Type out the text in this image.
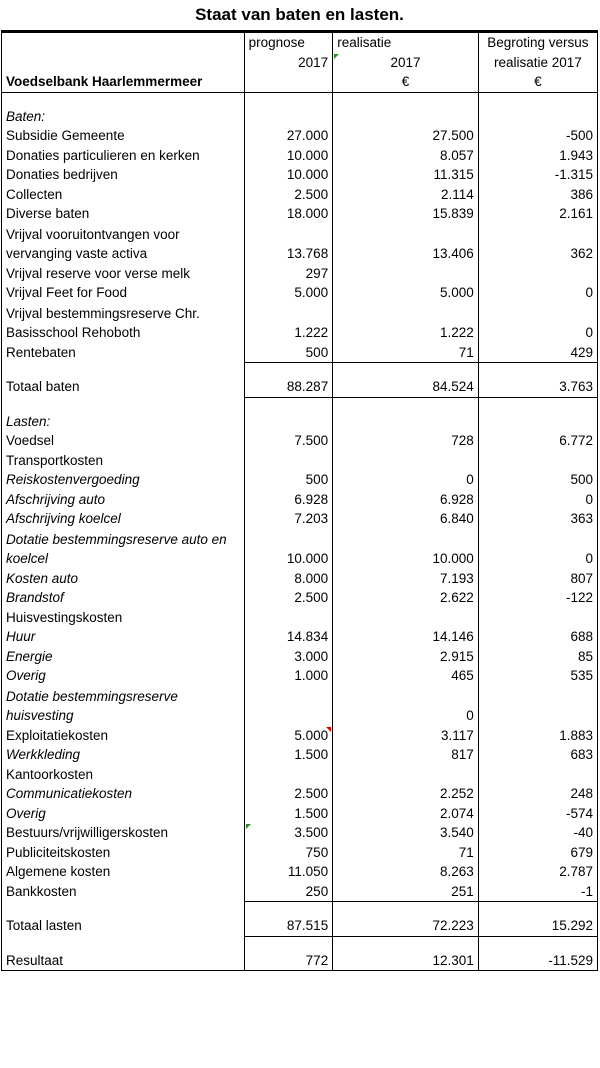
Staat van baten en lasten.
	prognose	realisatie	Begroting versus
	2017	2017	realisatie 2017
Voedselbank Haarlemmermeer		€	€

Baten:			
Subsidie Gemeente	27.000	27.500	-500
Donaties particulieren en kerken	10.000	8.057	1.943
Donaties bedrijven	10.000	11.315	-1.315
Collecten	2.500	2.114	386
Diverse baten	18.000	15.839	2.161
Vrijval vooruitontvangen voor vervanging vaste activa	13.768	13.406	362
Vrijval reserve voor verse melk	297		
Vrijval Feet for Food	5.000	5.000	0
Vrijval bestemmingsreserve Chr. Basisschool Rehoboth	1.222	1.222	0
Rentebaten	500	71	429

Totaal baten	88.287	84.524	3.763

Lasten:			
Voedsel	7.500	728	6.772
Transportkosten			
Reiskostenvergoeding	500	0	500
Afschrijving auto	6.928	6.928	0
Afschrijving koelcel	7.203	6.840	363
Dotatie bestemmingsreserve auto en koelcel	10.000	10.000	0
Kosten auto	8.000	7.193	807
Brandstof	2.500	2.622	-122
Huisvestingskosten			
Huur	14.834	14.146	688
Energie	3.000	2.915	85
Overig	1.000	465	535
Dotatie bestemmingsreserve huisvesting		0	
Exploitatiekosten	5.000	3.117	1.883
Werkkleding	1.500	817	683
Kantoorkosten			
Communicatiekosten	2.500	2.252	248
Overig	1.500	2.074	-574
Bestuurs/vrijwilligerskosten	3.500	3.540	-40
Publiciteitskosten	750	71	679
Algemene kosten	11.050	8.263	2.787
Bankkosten	250	251	-1

Totaal lasten	87.515	72.223	15.292

Resultaat	772	12.301	-11.529
